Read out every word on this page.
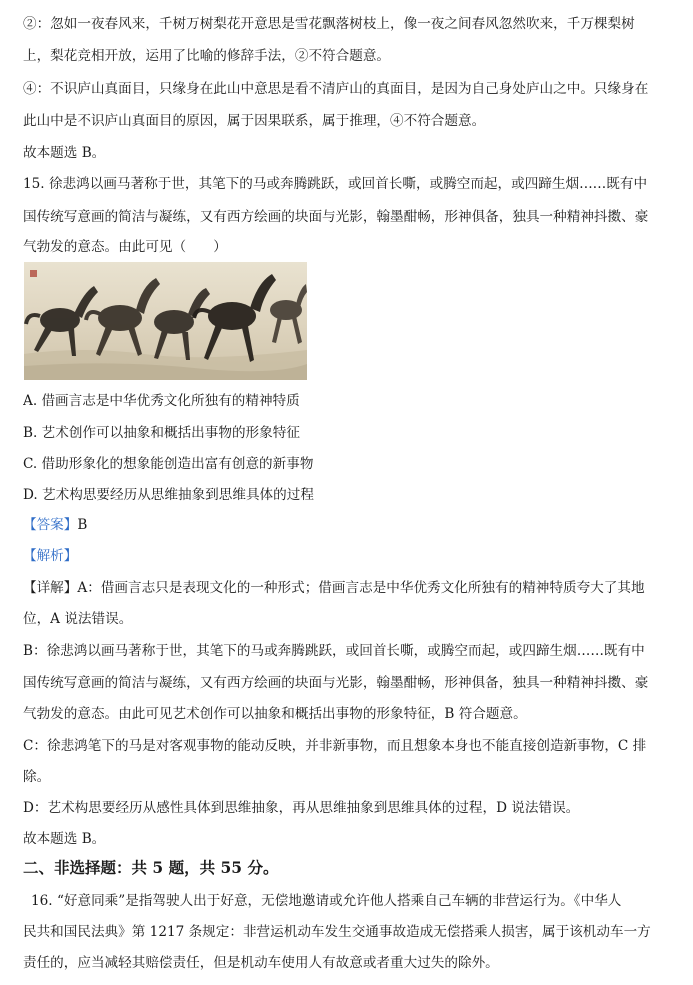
②：忽如一夜春风来，千树万树梨花开意思是雪花飘落树枝上，像一夜之间春风忽然吹来，千万棵梨树
上，梨花竞相开放，运用了比喻的修辞手法，②不符合题意。
④：不识庐山真面目，只缘身在此山中意思是看不清庐山的真面目，是因为自己身处庐山之中。只缘身在
此山中是不识庐山真面目的原因，属于因果联系，属于推理，④不符合题意。
故本题选 B。
15. 徐悲鸿以画马著称于世，其笔下的马或奔腾跳跃，或回首长嘶，或腾空而起，或四蹄生烟……既有中
国传统写意画的简洁与凝练，又有西方绘画的块面与光影，翰墨酣畅，形神俱备，独具一种精神抖擞、豪
气勃发的意态。由此可见（　　）
A. 借画言志是中华优秀文化所独有的精神特质
B. 艺术创作可以抽象和概括出事物的形象特征
C. 借助形象化的想象能创造出富有创意的新事物
D. 艺术构思要经历从思维抽象到思维具体的过程
【答案】B
【解析】
【详解】A：借画言志只是表现文化的一种形式；借画言志是中华优秀文化所独有的精神特质夸大了其地
位，A 说法错误。
B：徐悲鸿以画马著称于世，其笔下的马或奔腾跳跃，或回首长嘶，或腾空而起，或四蹄生烟……既有中
国传统写意画的简洁与凝练，又有西方绘画的块面与光影，翰墨酣畅，形神俱备，独具一种精神抖擞、豪
气勃发的意态。由此可见艺术创作可以抽象和概括出事物的形象特征，B 符合题意。
C：徐悲鸿笔下的马是对客观事物的能动反映，并非新事物，而且想象本身也不能直接创造新事物，C 排
除。
D：艺术构思要经历从感性具体到思维抽象，再从思维抽象到思维具体的过程，D 说法错误。
故本题选 B。
二、非选择题：共 5 题，共 55 分。
16. “好意同乘”是指驾驶人出于好意，无偿地邀请或允许他人搭乘自己车辆的非营运行为。《中华人
民共和国民法典》第 1217 条规定：非营运机动车发生交通事故造成无偿搭乘人损害，属于该机动车一方
责任的，应当减轻其赔偿责任，但是机动车使用人有故意或者重大过失的除外。
